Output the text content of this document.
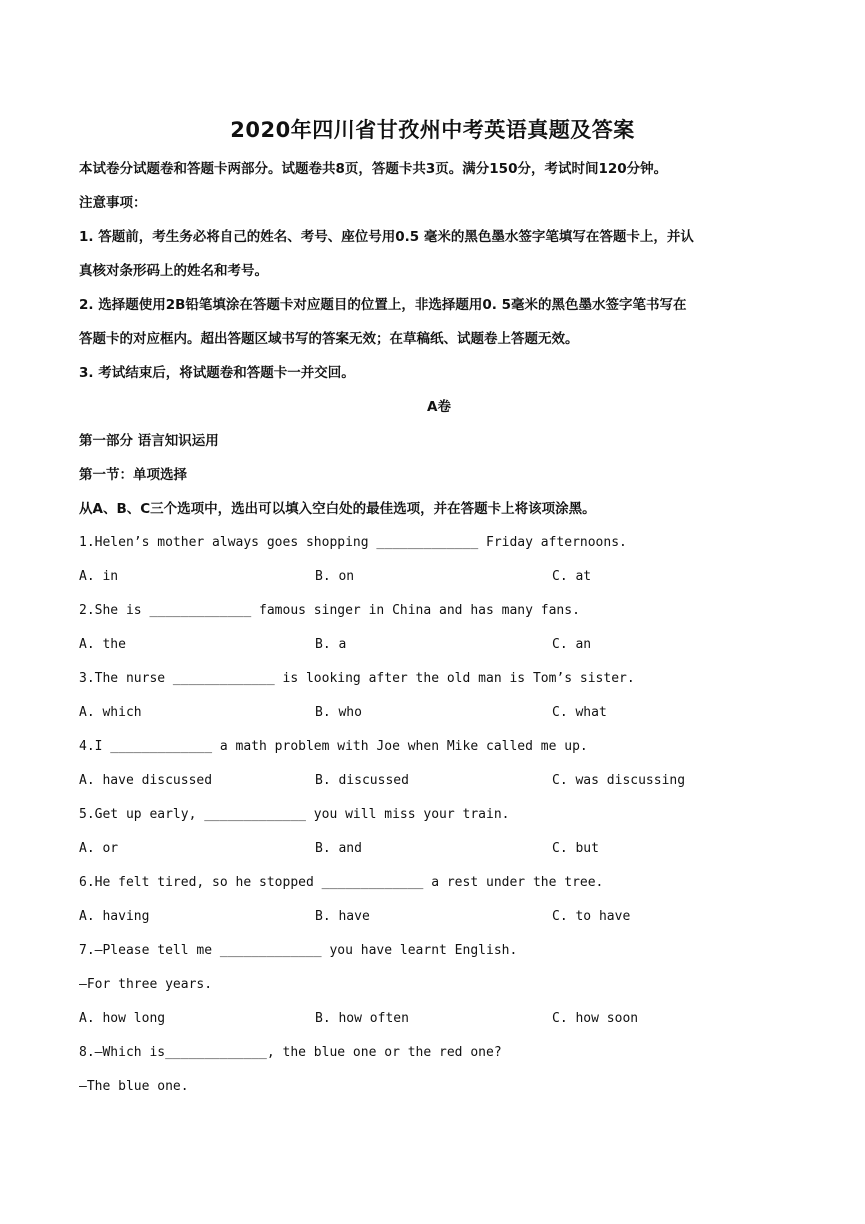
2020年四川省甘孜州中考英语真题及答案
本试卷分试题卷和答题卡两部分。试题卷共8页，答题卡共3页。满分150分，考试时间120分钟。
注意事项：
1. 答题前，考生务必将自己的姓名、考号、座位号用0.5 毫米的黑色墨水签字笔填写在答题卡上，并认
真核对条形码上的姓名和考号。
2. 选择题使用2B铅笔填涂在答题卡对应题目的位置上，非选择题用0. 5毫米的黑色墨水签字笔书写在
答题卡的对应框内。超出答题区域书写的答案无效；在草稿纸、试题卷上答题无效。
3. 考试结束后，将试题卷和答题卡一并交回。
A卷
第一部分 语言知识运用
第一节：单项选择
从A、B、C三个选项中，选出可以填入空白处的最佳选项，并在答题卡上将该项涂黑。
1.Helen’s mother always goes shopping _____________ Friday afternoons.
A. in	B. on	C. at
2.She is _____________ famous singer in China and has many fans.
A. the	B. a	C. an
3.The nurse _____________ is looking after the old man is Tom’s sister.
A. which	B. who	C. what
4.I _____________ a math problem with Joe when Mike called me up.
A. have discussed	B. discussed	C. was discussing
5.Get up early, _____________ you will miss your train.
A. or	B. and	C. but
6.He felt tired, so he stopped _____________ a rest under the tree.
A. having	B. have	C. to have
7.—Please tell me _____________ you have learnt English.
—For three years.
A. how long	B. how often	C. how soon
8.—Which is_____________, the blue one or the red one?
—The blue one.
